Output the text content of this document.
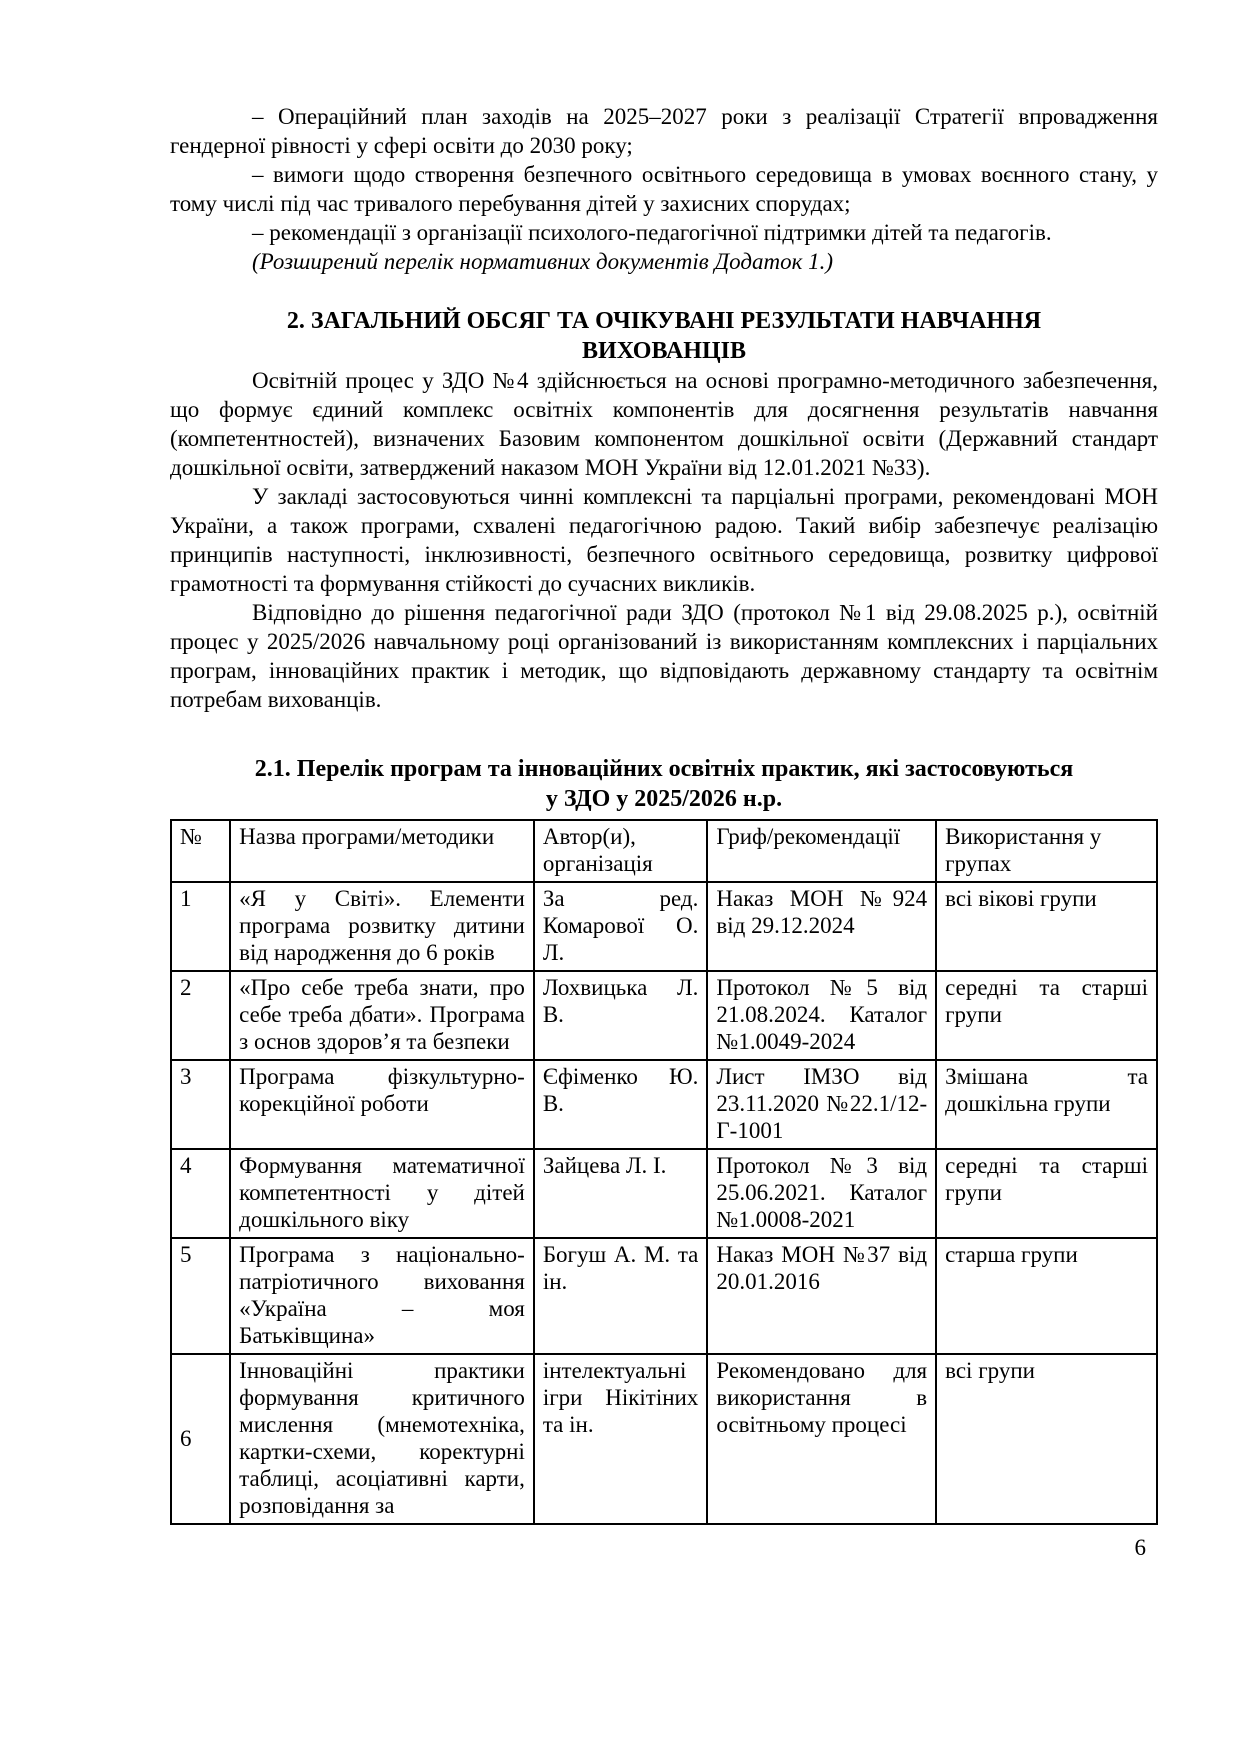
– Операційний план заходів на 2025–2027 роки з реалізації Стратегії впровадження гендерної рівності у сфері освіти до 2030 року;

– вимоги щодо створення безпечного освітнього середовища в умовах воєнного стану, у тому числі під час тривалого перебування дітей у захисних спорудах;

– рекомендації з організації психолого-педагогічної підтримки дітей та педагогів.

(Розширений перелік нормативних документів Додаток 1.)

2. ЗАГАЛЬНИЙ ОБСЯГ ТА ОЧІКУВАНІ РЕЗУЛЬТАТИ НАВЧАННЯ
ВИХОВАНЦІВ

Освітній процес у ЗДО №4 здійснюється на основі програмно-методичного забезпечення, що формує єдиний комплекс освітніх компонентів для досягнення результатів навчання (компетентностей), визначених Базовим компонентом дошкільної освіти (Державний стандарт дошкільної освіти, затверджений наказом МОН України від 12.01.2021 №33).

У закладі застосовуються чинні комплексні та парціальні програми, рекомендовані МОН України, а також програми, схвалені педагогічною радою. Такий вибір забезпечує реалізацію принципів наступності, інклюзивності, безпечного освітнього середовища, розвитку цифрової грамотності та формування стійкості до сучасних викликів.

Відповідно до рішення педагогічної ради ЗДО (протокол №1 від 29.08.2025 р.), освітній процес у 2025/2026 навчальному році організований із використанням комплексних і парціальних програм, інноваційних практик і методик, що відповідають державному стандарту та освітнім потребам вихованців.

2.1. Перелік програм та інноваційних освітніх практик, які застосовуються
у ЗДО у 2025/2026 н.р.
№	Назва програми/методики	Автор(и), організація	Гриф/рекомендації	Використання у групах
1	«Я у Світі». Елементи програма розвитку дитини від народження до 6 років	За ред. Комарової О. Л.	Наказ МОН №924 від 29.12.2024	всі вікові групи
2	«Про себе треба знати, про себе треба дбати». Програма з основ здоров’я та безпеки	Лохвицька Л. В.	Протокол №5 від 21.08.2024. Каталог №1.0049-2024	середні та старші групи
3	Програма фізкультурно-корекційної роботи	Єфіменко Ю. В.	Лист ІМЗО від 23.11.2020 №22.1/12-Г-1001	Змішана та дошкільна групи
4	Формування математичної компетентності у дітей дошкільного віку	Зайцева Л. І.	Протокол №3 від 25.06.2021. Каталог №1.0008-2021	середні та старші групи
5	Програма з національно-патріотичного виховання «Україна – моя Батьківщина»	Богуш А. М. та ін.	Наказ МОН №37 від 20.01.2016	старша групи
6	Інноваційні практики формування критичного мислення (мнемотехніка, картки-схеми, коректурні таблиці, асоціативні карти, розповідання за	інтелектуальні ігри Нікітіних та ін.	Рекомендовано для використання в освітньому процесі	всі групи
6
